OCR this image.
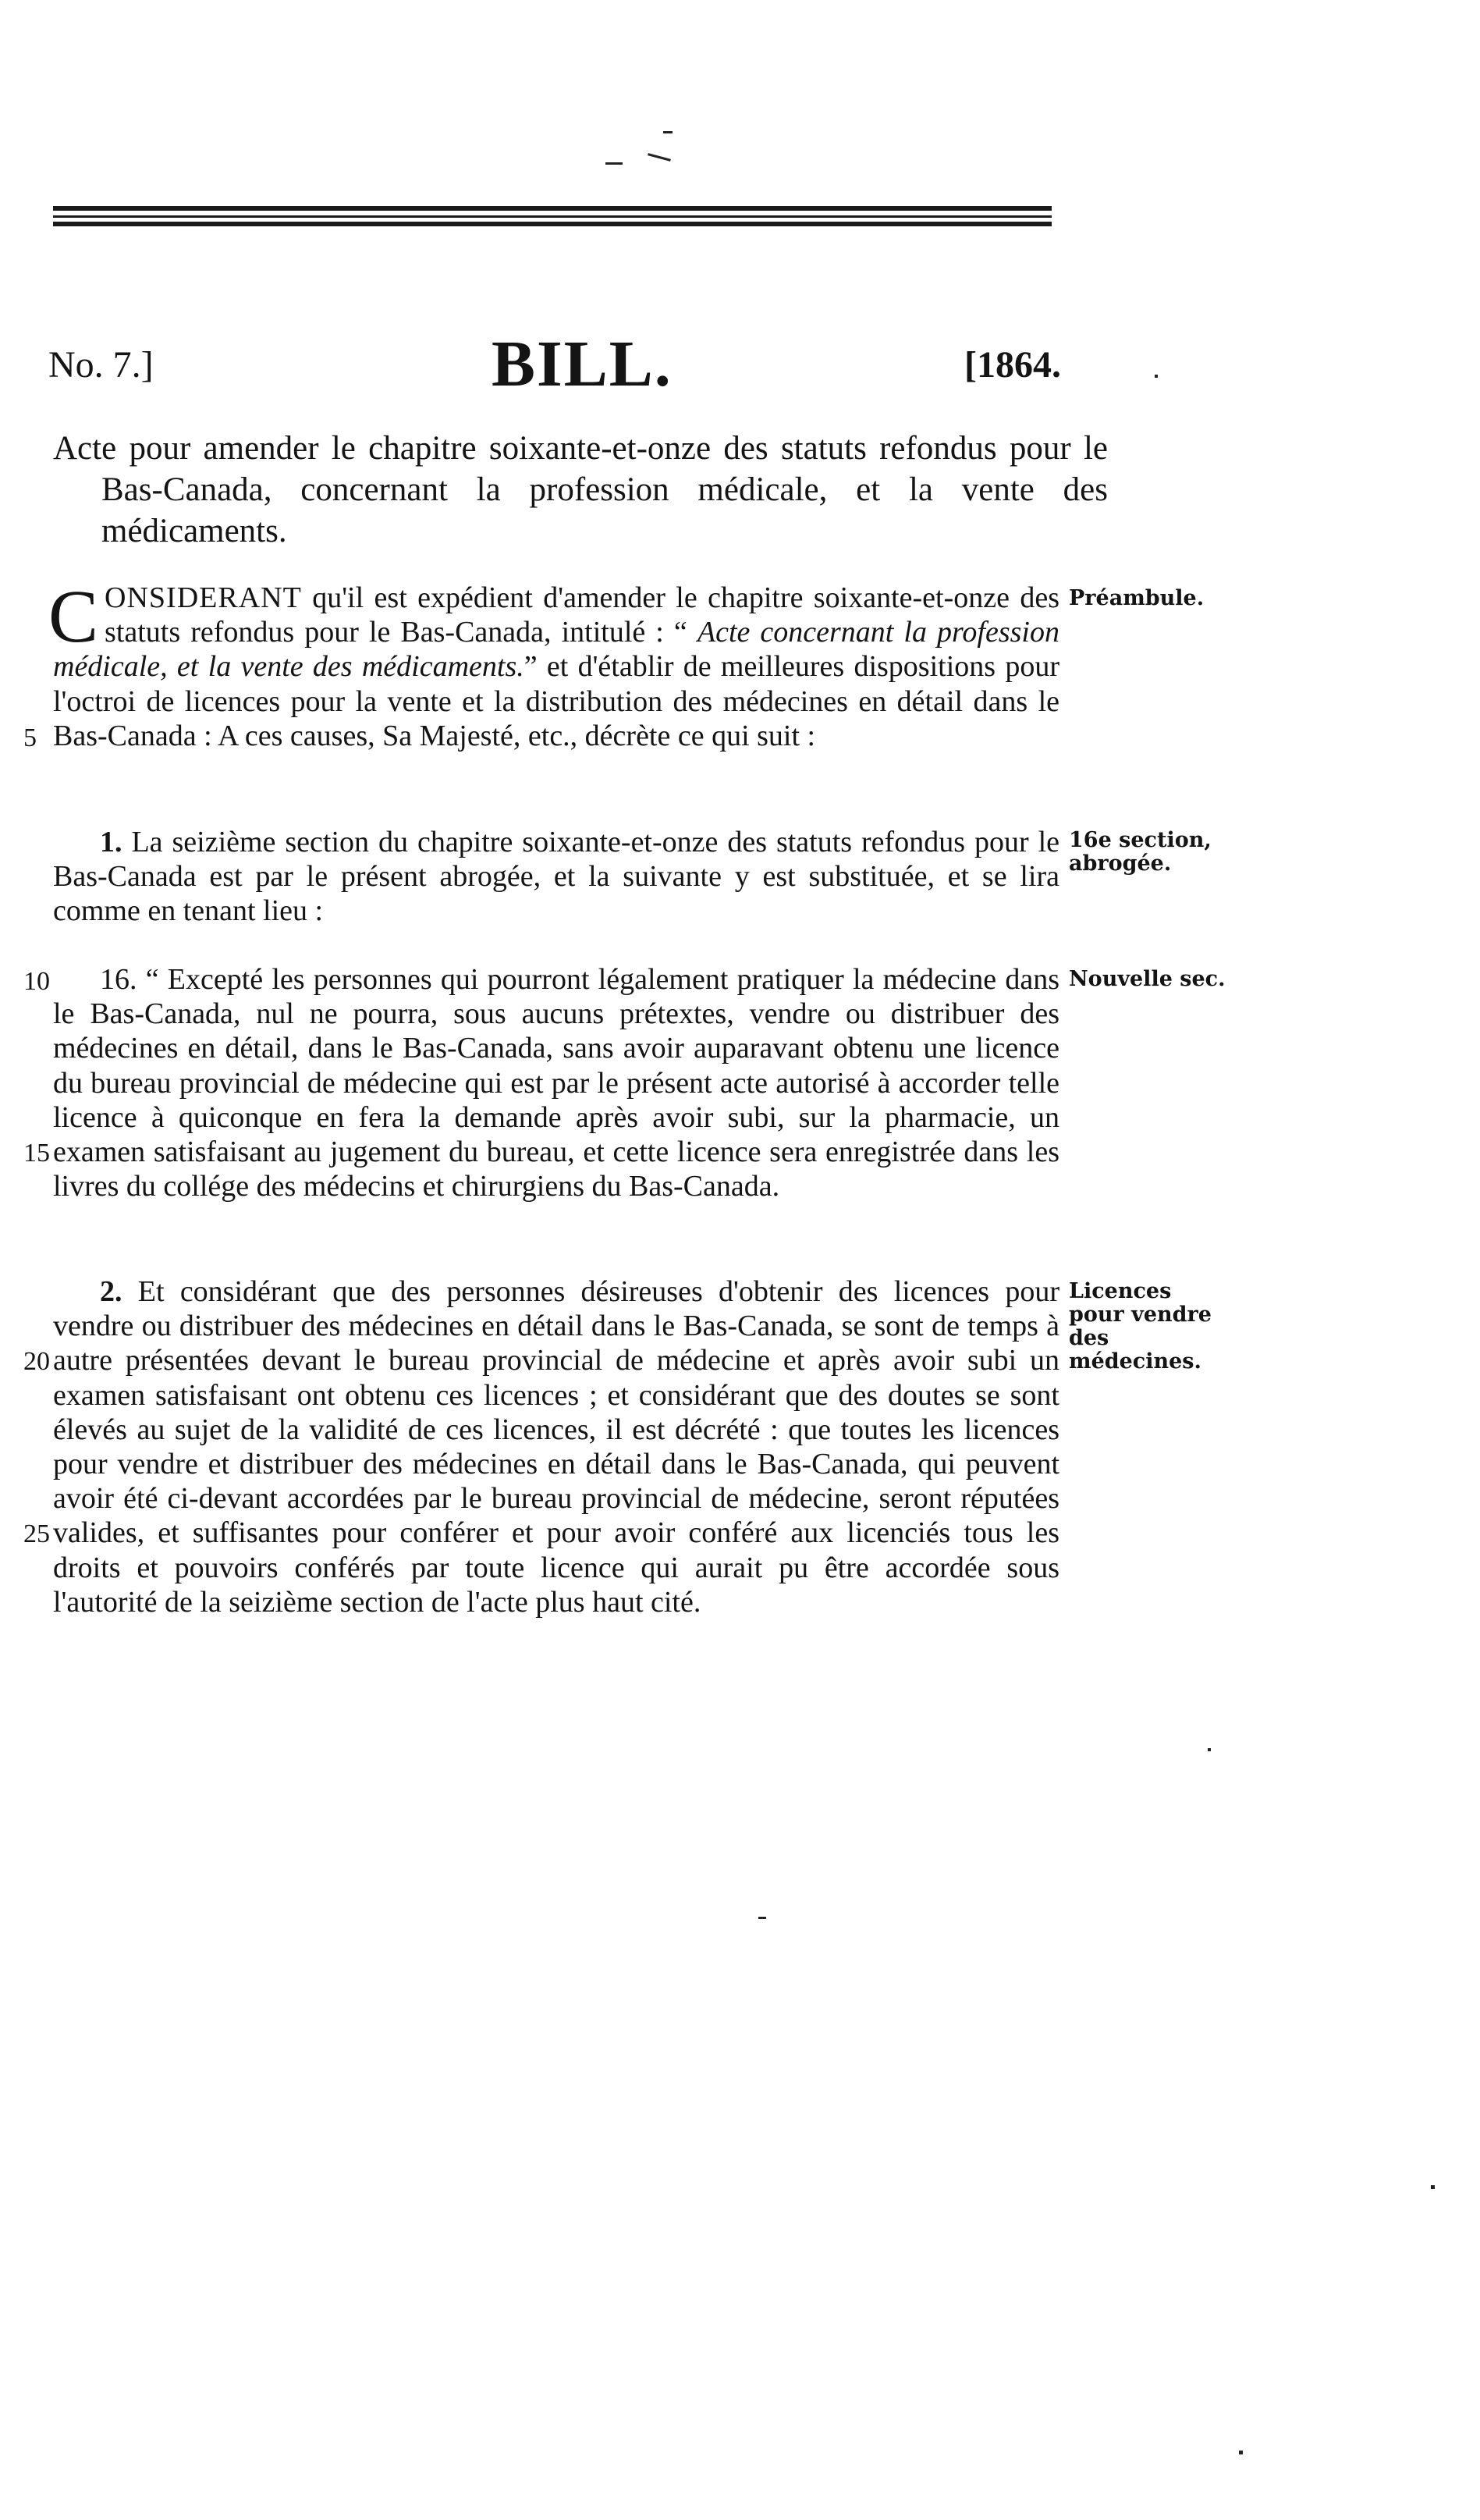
No. 7.]	BILL.	[1864.
Acte pour amender le chapitre soixante-et-onze des statuts refondus pour le Bas-Canada, concernant la profession médicale, et la vente des médicaments.
CONSIDERANT qu'il est expédient d'amender le chapitre soixante-et-onze des statuts refondus pour le Bas-Canada, intitulé : “ Acte concernant la profession médicale, et la vente des médicaments.” et d'établir de meilleures dispositions pour l'octroi de licences pour la vente et la distribution des médecines en détail dans le Bas-Canada : A ces causes, Sa Majesté, etc., décrète ce qui suit :
1. La seizième section du chapitre soixante-et-onze des statuts refondus pour le Bas-Canada est par le présent abrogée, et la suivante y est substituée, et se lira comme en tenant lieu :
16. “ Excepté les personnes qui pourront légalement pratiquer la médecine dans le Bas-Canada, nul ne pourra, sous aucuns prétextes, vendre ou distribuer des médecines en détail, dans le Bas-Canada, sans avoir auparavant obtenu une licence du bureau provincial de médecine qui est par le présent acte autorisé à accorder telle licence à quiconque en fera la demande après avoir subi, sur la pharmacie, un examen satisfaisant au jugement du bureau, et cette licence sera enregistrée dans les livres du collége des médecins et chirurgiens du Bas-Canada.
2. Et considérant que des personnes désireuses d'obtenir des licences pour vendre ou distribuer des médecines en détail dans le Bas-Canada, se sont de temps à autre présentées devant le bureau provincial de médecine et après avoir subi un examen satisfaisant ont obtenu ces licences ; et considérant que des doutes se sont élevés au sujet de la validité de ces licences, il est décrété : que toutes les licences pour vendre et distribuer des médecines en détail dans le Bas-Canada, qui peuvent avoir été ci-devant accordées par le bureau provincial de médecine, seront réputées valides, et suffisantes pour conférer et pour avoir conféré aux licenciés tous les droits et pouvoirs conférés par toute licence qui aurait pu être accordée sous l'autorité de la seizième section de l'acte plus haut cité.
5
10
15
20
25
Préambule.
16e section, abrogée.
Nouvelle sec.
Licences pour vendre des médecines.
